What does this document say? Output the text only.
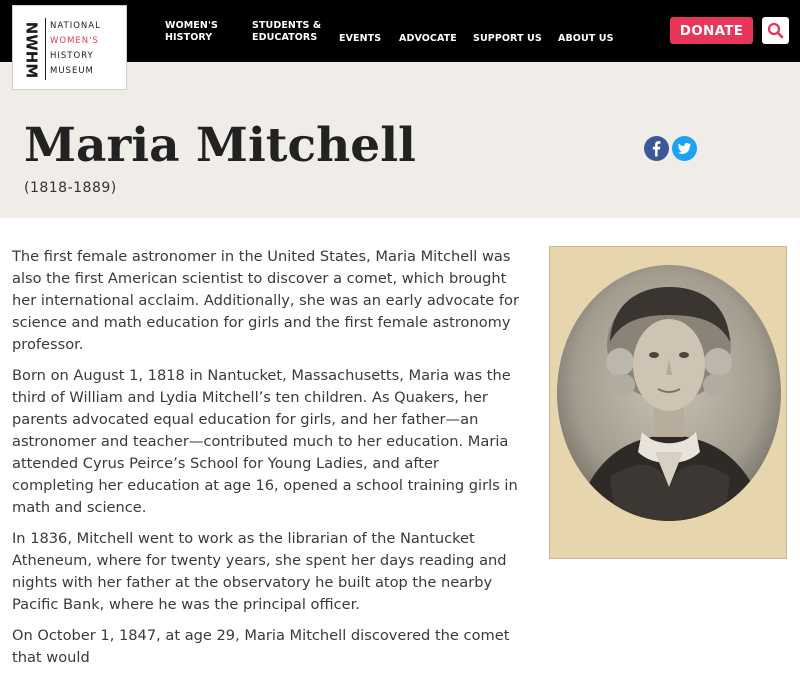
WOMEN'S HISTORY
STUDENTS & EDUCATORS	EVENTS ADVOCATE SUPPORT US ABOUT US	DONATE
NWHM NATIONAL
WOMEN'S
HISTORY
MUSEUM
Maria Mitchell
(1818-1889)

The first female astronomer in the United States, Maria Mitchell was also the first American scientist to discover a comet, which brought her international acclaim. Additionally, she was an early advocate for science and math education for girls and the first female astronomy professor.

Born on August 1, 1818 in Nantucket, Massachusetts, Maria was the third of William and Lydia Mitchell’s ten children. As Quakers, her parents advocated equal education for girls, and her father—an astronomer and teacher—contributed much to her education. Maria attended Cyrus Peirce’s School for Young Ladies, and after completing her education at age 16, opened a school training girls in math and science.

In 1836, Mitchell went to work as the librarian of the Nantucket Atheneum, where for twenty years, she spent her days reading and nights with her father at the observatory he built atop the nearby Pacific Bank, where he was the principal officer.

On October 1, 1847, at age 29, Maria Mitchell discovered the comet that would
